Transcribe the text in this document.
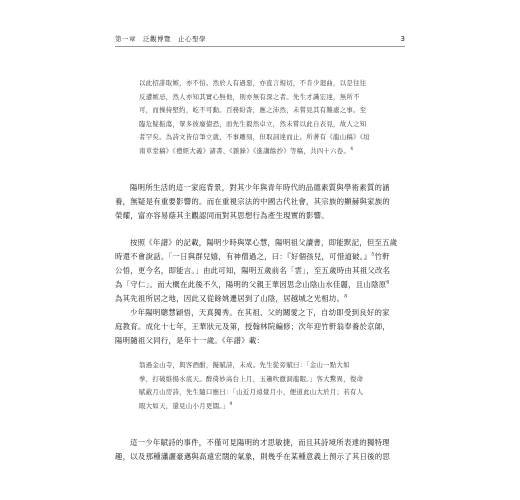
第一章　泛觀博覽　止心聖學	3
以此招誹取嫉，亦不怕。然於人有過惡，亦直言規切，不肯少迴曲，以是往往
反遭嫉忌，然人亦知其實心無他，則亦無有深之者。先生才識宏達，無所不
可，而操持堅約，屹不可動。百務紛杳，應之沛然，未嘗見其有難處之事。至
臨危疑振蕩，眾多彼廢債恐，而先生毅然卓立，然未嘗以此自表見，故人之知
者罕矣。為詩文皆信筆立就，不事雕刻，但取詞達而止。所著有《龍山稿》《垣
南草堂稿》《禮經大義》諸書、《雜錄》《進講餘抄》等稿，共四十六卷。$^4$
陽明所生活的這一家庭背景，對其少年與青年時代的品德素質與學術素質的涵
養，無疑是有重要影響的。而在重視宗法的中國古代社會，其宗族的顯赫與家族的
榮耀，富亦容易蔭其主觀認同而對其思想行為產生現實的影響。
按照《年譜》的記載，陽明少時與眾心慧，陽明祖父讀書，即能默記，但至五歲
時還不會說話。「一日與群兒嬉，有神僧過之，曰：『好個孩兒，可惜道破。』$^5$竹軒
公悟，更今名，即能言。」由此可知，陽明五歲前名「雲」，至五歲時由其祖父改名
為「守仁」。而大概在此後不久，陽明的父親王華因思念山陰山水佳麗，且山陰原$^6$
為其先祖所居之地，因此又從餘姚遷居到了山陰，居越城之光相坊。$^8$
少年陽明聰慧穎悟，天真獨秀。在其祖、父的關愛之下，自幼即受到良好的家
庭教育。成化十七年，王華狀元及第，授翰林院編修；次年迎竹軒翁奉養於京師，
陽明隨祖父同行，是年十一歲。《年譜》載：
翁過金山寺，與客酒酣，擬賦詩，未成。先生從旁賦曰：「金山一點大如
拳，打破維揚水底天。醉倚妙高台上月，玉簫吹徹洞龍眠。」客大驚異，復命
賦蔽月山房詩，先生隨口應曰：「山近月遠覺月小，便道此山大於月；若有人
眼大如天，還見山小月更闊。」$^9$
這一少年賦詩的事件，不僅可見陽明的才思敏捷，而且其詩境所表達的獨特理
趣，以及那種瀟灑豪邁與高遠宏闊的氣象，則幾乎在某種意義上預示了其日後的思
